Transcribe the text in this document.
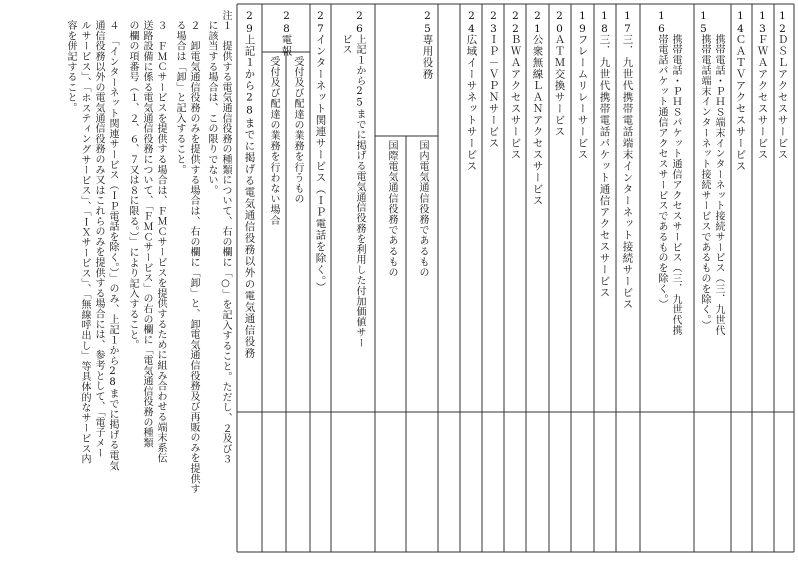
12
ＤＳＬアクセスサービス
13
ＦＷＡアクセスサービス
14
ＣＡＴＶアクセスサービス
15
携帯電話・ＰＨＳ端末インターネット接続サービス（三．九世代
携帯電話端末インターネット接続サービスであるものを除く。）
16
携帯電話・ＰＨＳパケット通信アクセスサービス（三．九世代携
帯電話パケット通信アクセスサービスであるものを除く。）
17
三．九世代携帯電話端末インターネット接続サービス
18
三．九世代携帯電話パケット通信アクセスサービス
19
フレームリレーサービス
20
ＡＴＭ交換サービス
21
公衆無線ＬＡＮアクセスサービス
22
ＢＷＡアクセスサービス
23
ＩＰ－ＶＰＮサービス
24
広域イーサネットサービス
25
専用役務
国内電気通信役務であるもの
国際電気通信役務であるもの
26
上記１から25までに掲げる電気通信役務を利用した付加価値サー
ビス
27
インターネット関連サービス（ＩＰ電話を除く。）
28
電報
受付及び配達の業務を行うもの
受付及び配達の業務を行わない場合
29
上記１から28までに掲げる電気通信役務以外の電気通信役務
注１　提供する電気通信役務の種類について、右の欄に「○」を記入すること。ただし、２及び３
　に該当する場合は、この限りでない。
　２　卸電気通信役務のみを提供する場合は、右の欄に「卸」と、卸電気通信役務及び再販のみを提供す
　る場合は「卸」と記入すること。
　３　ＦＭＣサービスを提供する場合は、ＦＭＣサービスを提供するために組み合わせる端末系伝
　送路設備に係る電気通信役務について、「ＦＭＣサービス」の右の欄に「電気通信役務の種類
　の欄の項番号（１、２、６、７又は８に限る。）」により記入すること。
　４　「インターネット関連サービス（ＩＰ電話を除く。）」のみ、上記１から28までに掲げる電気
　通信役務以外の電気通信役務のみ又はこれらのみを提供する場合には、参考として、「電子メー
　ルサービス」、「ホスティングサービス」、「ＩＸサービス」、「無線呼出し」等具体的なサービス内
　容を併記すること。
